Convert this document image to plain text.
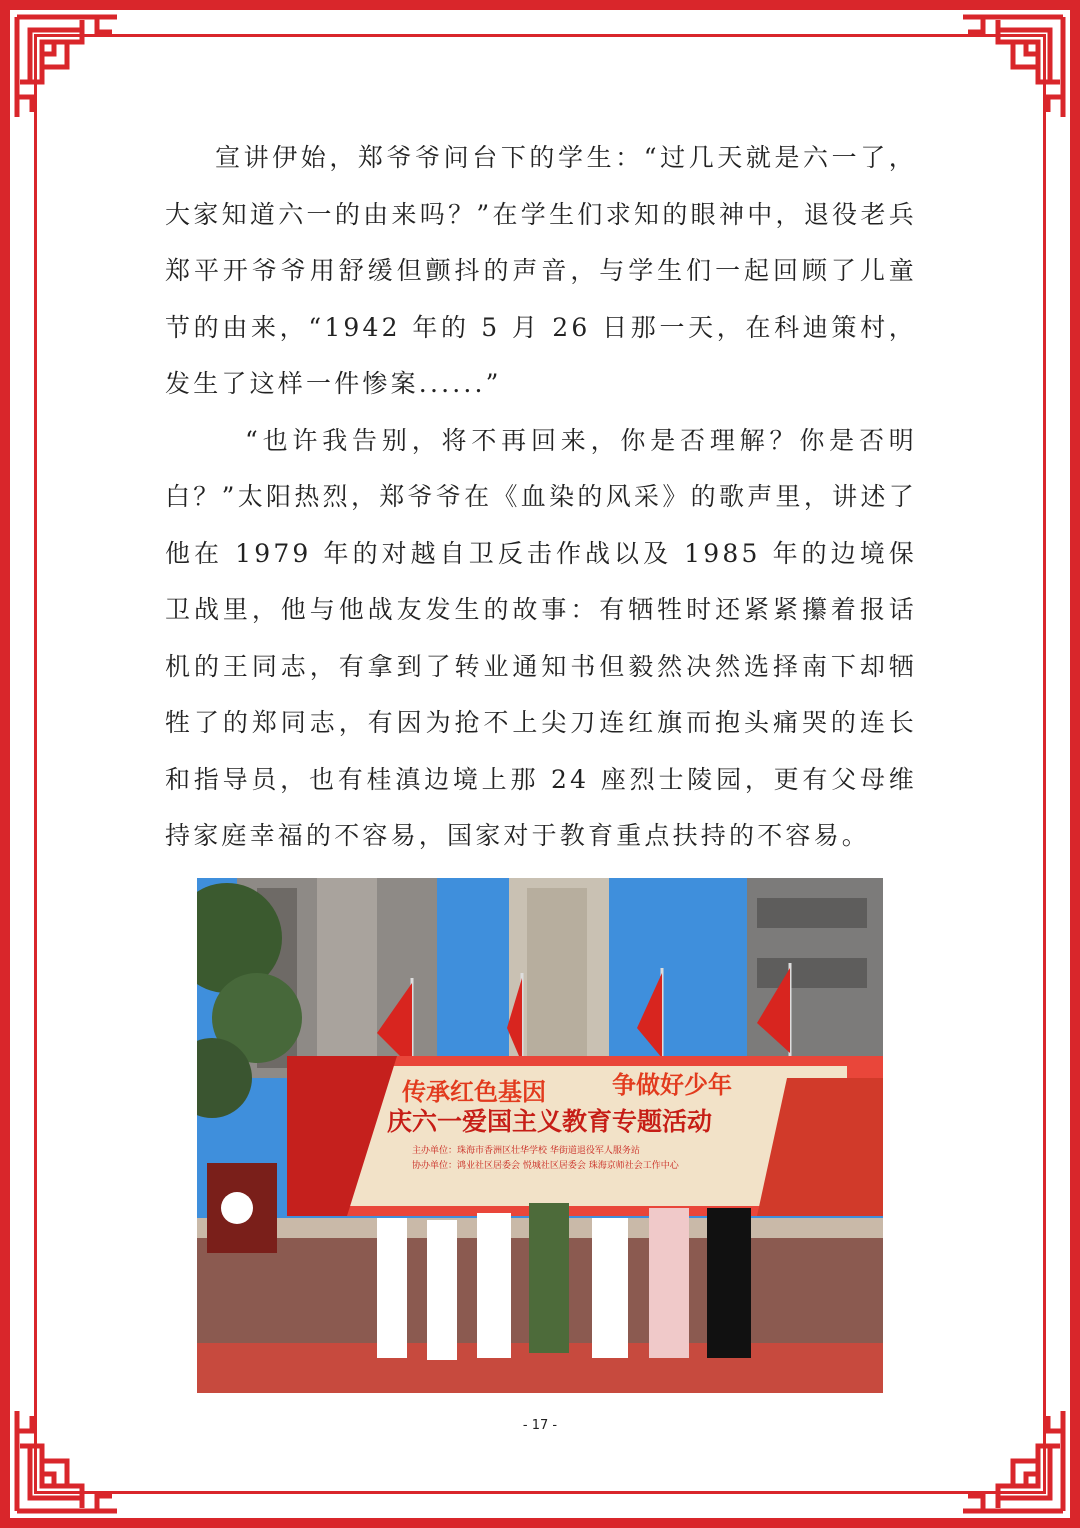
宣讲伊始，郑爷爷问台下的学生：“过几天就是六一了，大家知道六一的由来吗？”在学生们求知的眼神中，退役老兵郑平开爷爷用舒缓但颤抖的声音，与学生们一起回顾了儿童节的由来，“1942 年的 5 月 26 日那一天，在科迪策村，发生了这样一件惨案......”

“也许我告别，将不再回来，你是否理解？你是否明白？”太阳热烈，郑爷爷在《血染的风采》的歌声里，讲述了他在 1979 年的对越自卫反击作战以及 1985 年的边境保卫战里，他与他战友发生的故事：有牺牲时还紧紧攥着报话机的王同志，有拿到了转业通知书但毅然决然选择南下却牺牲了的郑同志，有因为抢不上尖刀连红旗而抱头痛哭的连长和指导员，也有桂滇边境上那 24 座烈士陵园，更有父母维持家庭幸福的不容易，国家对于教育重点扶持的不容易。

传承红色基因	争做好少年
庆六一爱国主义教育专题活动
主办单位：珠海市香洲区壮华学校 华街道退役军人服务站
协办单位：鸿业社区居委会 悦城社区居委会 珠海京师社会工作中心
- 17 -
